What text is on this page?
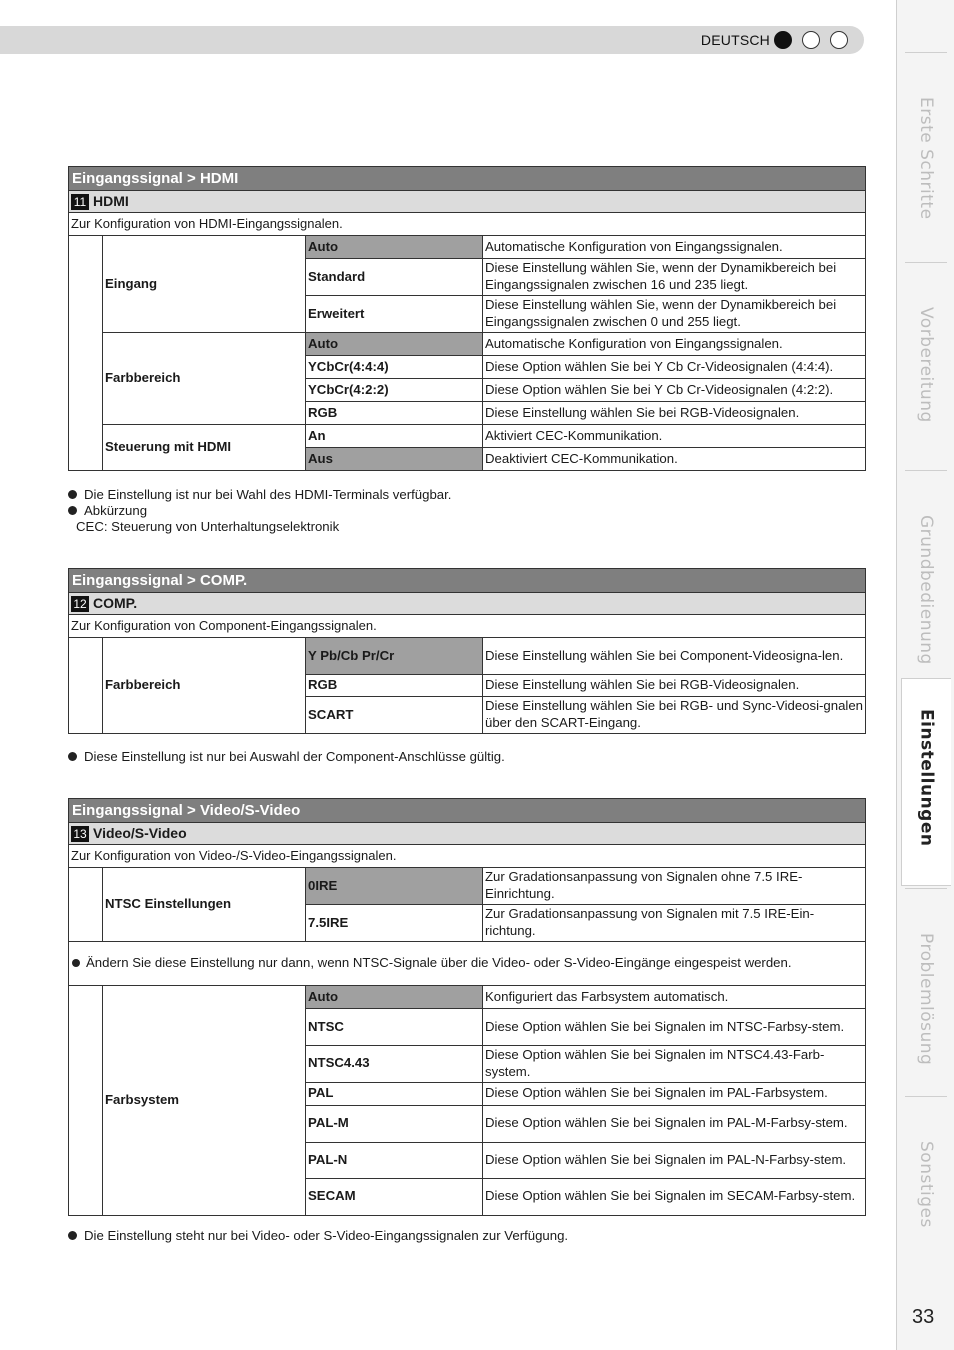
DEUTSCH
Erste Schritte
Vorbereitung
Grundbedienung
Einstellungen
Problemlösung
Sonstiges
33
Eingangssignal > HDMI			
11 HDMI			
Zur Konfiguration von HDMI-Eingangssignalen.			
	Eingang	Auto	Automatische Konfiguration von Eingangssignalen.
		Standard	Diese Einstellung wählen Sie, wenn der Dynamikbereich bei Eingangssignalen zwischen 16 und 235 liegt.
		Erweitert	Diese Einstellung wählen Sie, wenn der Dynamikbereich bei Eingangssignalen zwischen 0 und 255 liegt.
	Farbbereich	Auto	Automatische Konfiguration von Eingangssignalen.
		YCbCr(4:4:4)	Diese Option wählen Sie bei Y Cb Cr-Videosignalen (4:4:4).
		YCbCr(4:2:2)	Diese Option wählen Sie bei Y Cb Cr-Videosignalen (4:2:2).
		RGB	Diese Einstellung wählen Sie bei RGB-Videosignalen.
	Steuerung mit HDMI	An	Aktiviert CEC-Kommunikation.
		Aus	Deaktiviert CEC-Kommunikation.
Die Einstellung ist nur bei Wahl des HDMI-Terminals verfügbar.
Abkürzung
CEC: Steuerung von Unterhaltungselektronik
Eingangssignal > COMP.			
12 COMP.			
Zur Konfiguration von Component-Eingangssignalen.			
	Farbbereich	Y Pb/Cb Pr/Cr	Diese Einstellung wählen Sie bei Component-Videosigna-len.
		RGB	Diese Einstellung wählen Sie bei RGB-Videosignalen.
		SCART	Diese Einstellung wählen Sie bei RGB- und Sync-Videosi-gnalen über den SCART-Eingang.
Diese Einstellung ist nur bei Auswahl der Component-Anschlüsse gültig.
Eingangssignal > Video/S-Video			
13 Video/S-Video			
Zur Konfiguration von Video-/S-Video-Eingangssignalen.			
	NTSC Einstellungen	0IRE	Zur Gradationsanpassung von Signalen ohne 7.5 IRE-Einrichtung.
		7.5IRE	Zur Gradationsanpassung von Signalen mit 7.5 IRE-Ein-richtung.
Ändern Sie diese Einstellung nur dann, wenn NTSC-Signale über die Video- oder S-Video-Eingänge eingespeist werden.			
	Farbsystem	Auto	Konfiguriert das Farbsystem automatisch.
		NTSC	Diese Option wählen Sie bei Signalen im NTSC-Farbsy-stem.
		NTSC4.43	Diese Option wählen Sie bei Signalen im NTSC4.43-Farb-system.
		PAL	Diese Option wählen Sie bei Signalen im PAL-Farbsystem.
		PAL-M	Diese Option wählen Sie bei Signalen im PAL-M-Farbsy-stem.
		PAL-N	Diese Option wählen Sie bei Signalen im PAL-N-Farbsy-stem.
		SECAM	Diese Option wählen Sie bei Signalen im SECAM-Farbsy-stem.
Die Einstellung steht nur bei Video- oder S-Video-Eingangssignalen zur Verfügung.
